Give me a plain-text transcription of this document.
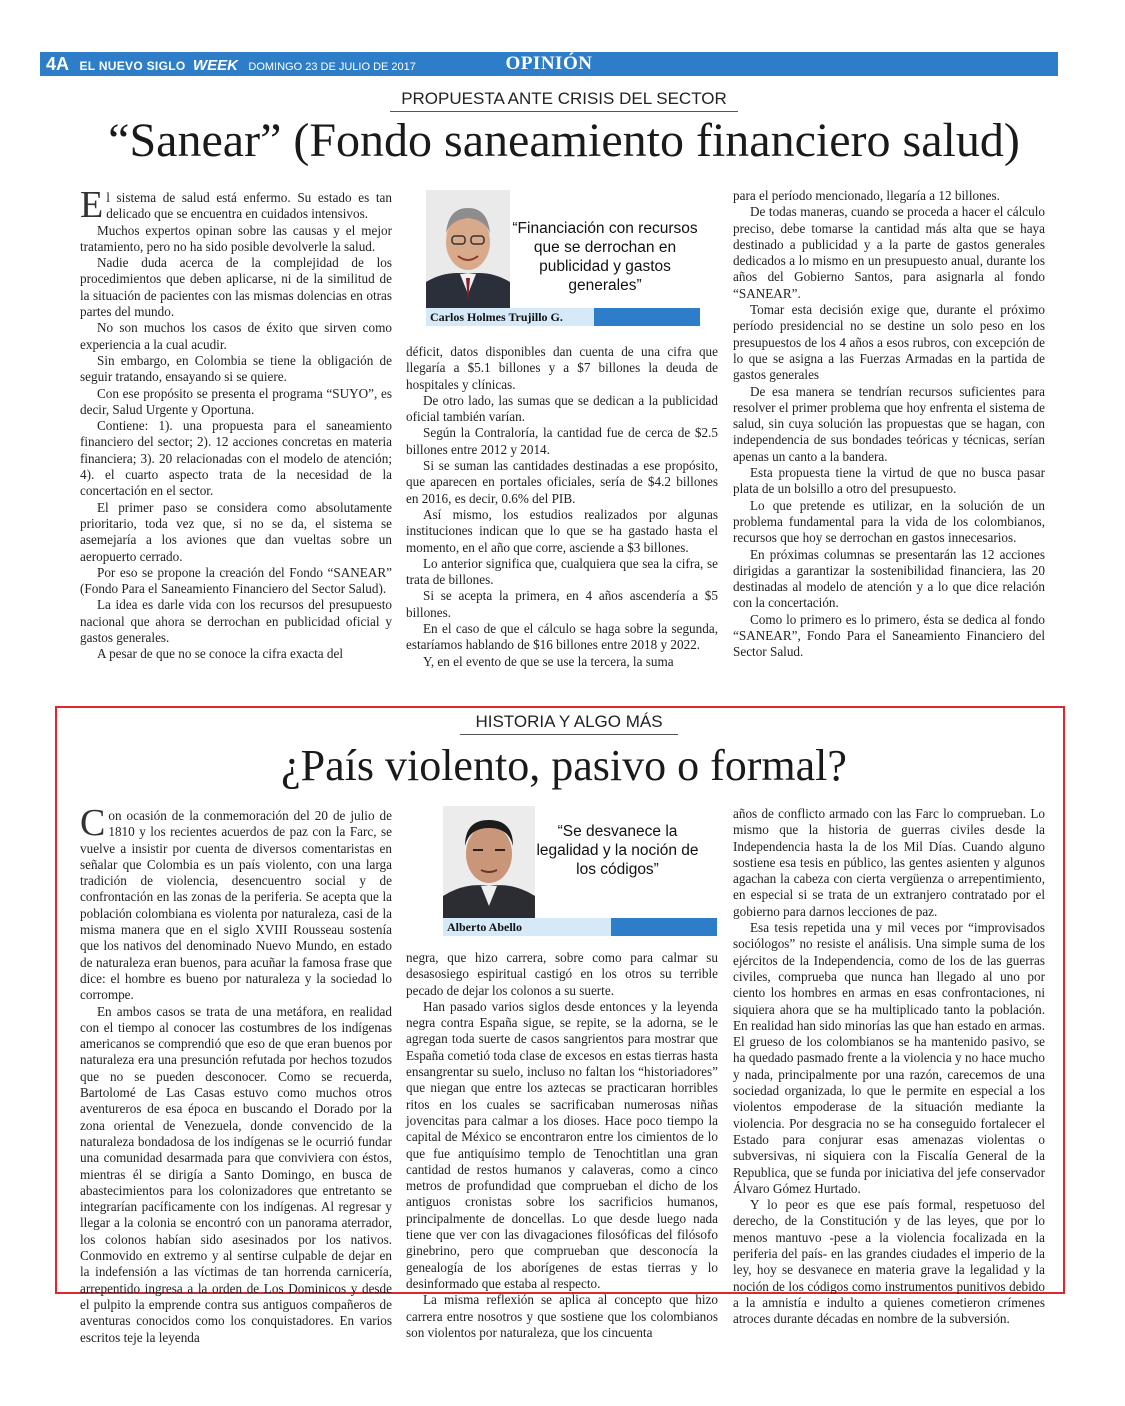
4A EL NUEVO SIGLO WEEK DOMINGO 23 DE JULIO DE 2017	OPINIÓN
PROPUESTA ANTE CRISIS DEL SECTOR
“Sanear” (Fondo saneamiento financiero salud)

El sistema de salud está enfermo. Su estado es tan delicado que se encuentra en cuidados intensivos.

Muchos expertos opinan sobre las causas y el mejor tratamiento, pero no ha sido posible devolverle la salud.

Nadie duda acerca de la complejidad de los procedimientos que deben aplicarse, ni de la similitud de la situación de pacientes con las mismas dolencias en otras partes del mundo.

No son muchos los casos de éxito que sirven como experiencia a la cual acudir.

Sin embargo, en Colombia se tiene la obligación de seguir tratando, ensayando si se quiere.

Con ese propósito se presenta el programa “SUYO”, es decir, Salud Urgente y Oportuna.

Contiene: 1). una propuesta para el saneamiento financiero del sector; 2). 12 acciones concretas en materia financiera; 3). 20 relacionadas con el modelo de atención; 4). el cuarto aspecto trata de la necesidad de la concertación en el sector.

El primer paso se considera como absolutamente prioritario, toda vez que, si no se da, el sistema se asemejaría a los aviones que dan vueltas sobre un aeropuerto cerrado.

Por eso se propone la creación del Fondo “SANEAR” (Fondo Para el Saneamiento Financiero del Sector Salud).

La idea es darle vida con los recursos del presupuesto nacional que ahora se derrochan en publicidad oficial y gastos generales.

A pesar de que no se conoce la cifra exacta del

Carlos Holmes Trujillo G.
“Financiación con recursos que se derrochan en publicidad y gastos generales”

déficit, datos disponibles dan cuenta de una cifra que llegaría a $5.1 billones y a $7 billones la deuda de hospitales y clínicas.

De otro lado, las sumas que se dedican a la publicidad oficial también varían.

Según la Contraloría, la cantidad fue de cerca de $2.5 billones entre 2012 y 2014.

Si se suman las cantidades destinadas a ese propósito, que aparecen en portales oficiales, sería de $4.2 billones en 2016, es decir, 0.6% del PIB.

Así mismo, los estudios realizados por algunas instituciones indican que lo que se ha gastado hasta el momento, en el año que corre, asciende a $3 billones.

Lo anterior significa que, cualquiera que sea la cifra, se trata de billones.

Si se acepta la primera, en 4 años ascendería a $5 billones.

En el caso de que el cálculo se haga sobre la segunda, estaríamos hablando de $16 billones entre 2018 y 2022.

Y, en el evento de que se use la tercera, la suma

para el período mencionado, llegaría a 12 billones.

De todas maneras, cuando se proceda a hacer el cálculo preciso, debe tomarse la cantidad más alta que se haya destinado a publicidad y a la parte de gastos generales dedicados a lo mismo en un presupuesto anual, durante los años del Gobierno Santos, para asignarla al fondo “SANEAR”.

Tomar esta decisión exige que, durante el próximo período presidencial no se destine un solo peso en los presupuestos de los 4 años a esos rubros, con excepción de lo que se asigna a las Fuerzas Armadas en la partida de gastos generales

De esa manera se tendrían recursos suficientes para resolver el primer problema que hoy enfrenta el sistema de salud, sin cuya solución las propuestas que se hagan, con independencia de sus bondades teóricas y técnicas, serían apenas un canto a la bandera.

Esta propuesta tiene la virtud de que no busca pasar plata de un bolsillo a otro del presupuesto.

Lo que pretende es utilizar, en la solución de un problema fundamental para la vida de los colombianos, recursos que hoy se derrochan en gastos innecesarios.

En próximas columnas se presentarán las 12 acciones dirigidas a garantizar la sostenibilidad financiera, las 20 destinadas al modelo de atención y a lo que dice relación con la concertación.

Como lo primero es lo primero, ésta se dedica al fondo “SANEAR”, Fondo Para el Saneamiento Financiero del Sector Salud.

HISTORIA Y ALGO MÁS
¿País violento, pasivo o formal?

Con ocasión de la conmemoración del 20 de julio de 1810 y los recientes acuerdos de paz con la Farc, se vuelve a insistir por cuenta de diversos comentaristas en señalar que Colombia es un país violento, con una larga tradición de violencia, desencuentro social y de confrontación en las zonas de la periferia. Se acepta que la población colombiana es violenta por naturaleza, casi de la misma manera que en el siglo XVIII Rousseau sostenía que los nativos del denominado Nuevo Mundo, en estado de naturaleza eran buenos, para acuñar la famosa frase que dice: el hombre es bueno por naturaleza y la sociedad lo corrompe.

En ambos casos se trata de una metáfora, en realidad con el tiempo al conocer las costumbres de los indígenas americanos se comprendió que eso de que eran buenos por naturaleza era una presunción refutada por hechos tozudos que no se pueden desconocer. Como se recuerda, Bartolomé de Las Casas estuvo como muchos otros aventureros de esa época en buscando el Dorado por la zona oriental de Venezuela, donde convencido de la naturaleza bondadosa de los indígenas se le ocurrió fundar una comunidad desarmada para que conviviera con éstos, mientras él se dirigía a Santo Domingo, en busca de abastecimientos para los colonizadores que entretanto se integrarían pacíficamente con los indígenas. Al regresar y llegar a la colonia se encontró con un panorama aterrador, los colonos habían sido asesinados por los nativos. Conmovido en extremo y al sentirse culpable de dejar en la indefensión a las víctimas de tan horrenda carnicería, arrepentido ingresa a la orden de Los Dominicos y desde el pulpito la emprende contra sus antiguos compañeros de aventuras conocidos como los conquistadores. En varios escritos teje la leyenda

Alberto Abello
“Se desvanece la legalidad y la noción de los códigos”

negra, que hizo carrera, sobre como para calmar su desasosiego espiritual castigó en los otros su terrible pecado de dejar los colonos a su suerte.

Han pasado varios siglos desde entonces y la leyenda negra contra España sigue, se repite, se la adorna, se le agregan toda suerte de casos sangrientos para mostrar que España cometió toda clase de excesos en estas tierras hasta ensangrentar su suelo, incluso no faltan los “historiadores” que niegan que entre los aztecas se practicaran horribles ritos en los cuales se sacrificaban numerosas niñas jovencitas para calmar a los dioses. Hace poco tiempo la capital de México se encontraron entre los cimientos de lo que fue antiquísimo templo de Tenochtitlan una gran cantidad de restos humanos y calaveras, como a cinco metros de profundidad que comprueban el dicho de los antiguos cronistas sobre los sacrificios humanos, principalmente de doncellas. Lo que desde luego nada tiene que ver con las divagaciones filosóficas del filósofo ginebrino, pero que comprueban que desconocía la genealogía de los aborígenes de estas tierras y lo desinformado que estaba al respecto.

La misma reflexión se aplica al concepto que hizo carrera entre nosotros y que sostiene que los colombianos son violentos por naturaleza, que los cincuenta

años de conflicto armado con las Farc lo comprueban. Lo mismo que la historia de guerras civiles desde la Independencia hasta la de los Mil Días. Cuando alguno sostiene esa tesis en público, las gentes asienten y algunos agachan la cabeza con cierta vergüenza o arrepentimiento, en especial si se trata de un extranjero contratado por el gobierno para darnos lecciones de paz.

Esa tesis repetida una y mil veces por “improvisados sociólogos” no resiste el análisis. Una simple suma de los ejércitos de la Independencia, como de los de las guerras civiles, comprueba que nunca han llegado al uno por ciento los hombres en armas en esas confrontaciones, ni siquiera ahora que se ha multiplicado tanto la población. En realidad han sido minorías las que han estado en armas. El grueso de los colombianos se ha mantenido pasivo, se ha quedado pasmado frente a la violencia y no hace mucho y nada, principalmente por una razón, carecemos de una sociedad organizada, lo que le permite en especial a los violentos empoderase de la situación mediante la violencia. Por desgracia no se ha conseguido fortalecer el Estado para conjurar esas amenazas violentas o subversivas, ni siquiera con la Fiscalía General de la Republica, que se funda por iniciativa del jefe conservador Álvaro Gómez Hurtado.

Y lo peor es que ese país formal, respetuoso del derecho, de la Constitución y de las leyes, que por lo menos mantuvo -pese a la violencia focalizada en la periferia del país- en las grandes ciudades el imperio de la ley, hoy se desvanece en materia grave la legalidad y la noción de los códigos como instrumentos punitivos debido a la amnistía e indulto a quienes cometieron crímenes atroces durante décadas en nombre de la subversión.
